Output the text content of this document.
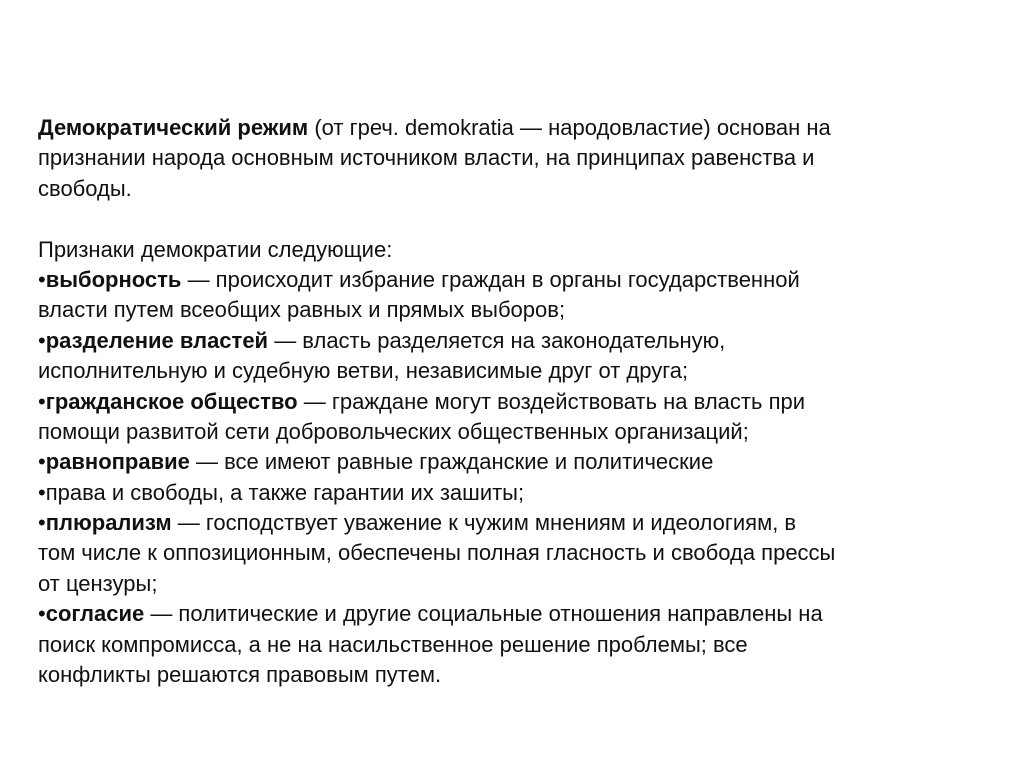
Демократический режим (от греч. demokratia — народовластие) основан на
признании народа основным источником власти, на принципах равенства и
свободы.
Признаки демократии следующие:
•выборность — происходит избрание граждан в органы государственной
власти путем всеобщих равных и прямых выборов;
•разделение властей — власть разделяется на законодательную,
исполнительную и судебную ветви, независимые друг от друга;
•гражданское общество — граждане могут воздействовать на власть при
помощи развитой сети добровольческих общественных организаций;
•равноправие — все имеют равные гражданские и политические
•права и свободы, а также гарантии их зашиты;
•плюрализм — господствует уважение к чужим мнениям и идеологиям, в
том числе к оппозиционным, обеспечены полная гласность и свобода прессы
от цензуры;
•согласие — политические и другие социальные отношения направлены на
поиск компромисса, а не на насильственное решение проблемы; все
конфликты решаются правовым путем.
